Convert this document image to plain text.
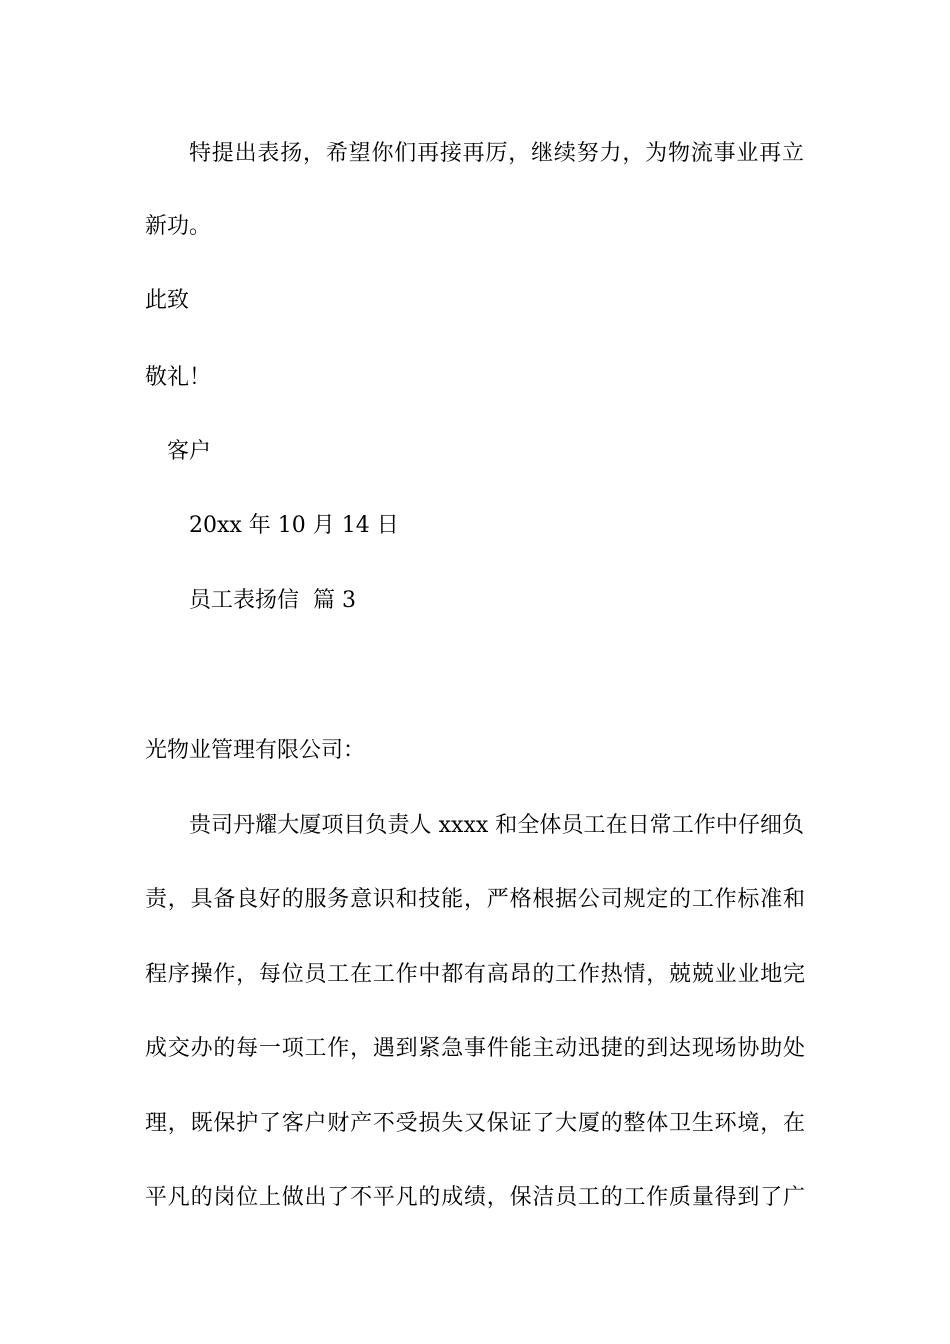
特提出表扬，希望你们再接再厉，继续努力，为物流事业再立
新功。
此致
敬礼！
客户
20xx 年 10 月 14 日
员工表扬信  篇 3
光物业管理有限公司：
贵司丹耀大厦项目负责人 xxxx 和全体员工在日常工作中仔细负
责，具备良好的服务意识和技能，严格根据公司规定的工作标准和
程序操作，每位员工在工作中都有高昂的工作热情，兢兢业业地完
成交办的每一项工作，遇到紧急事件能主动迅捷的到达现场协助处
理，既保护了客户财产不受损失又保证了大厦的整体卫生环境，在
平凡的岗位上做出了不平凡的成绩，保洁员工的工作质量得到了广
